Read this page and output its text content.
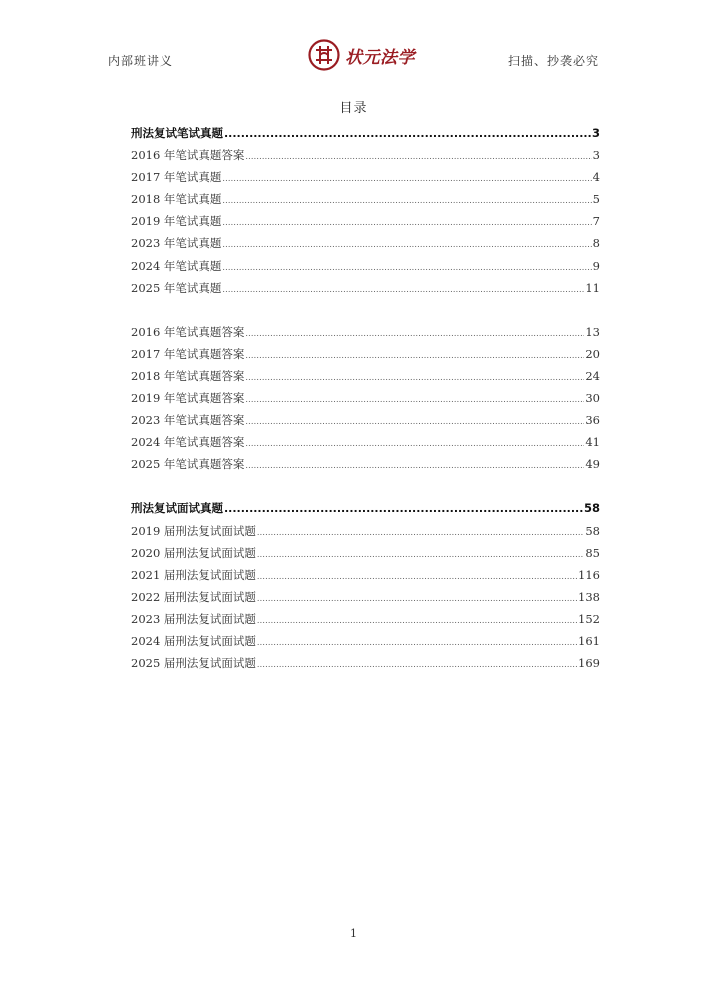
内部班讲义	状元法学	扫描、抄袭必究
目录
刑法复试笔试真题 .....	3
2016 年笔试真题答案 .....	3
2017 年笔试真题 .....	4
2018 年笔试真题 .....	5
2019 年笔试真题 .....	7
2023 年笔试真题 .....	8
2024 年笔试真题 .....	9
2025 年笔试真题 .....	11
2016 年笔试真题答案 .....	13
2017 年笔试真题答案 .....	20
2018 年笔试真题答案 .....	24
2019 年笔试真题答案 .....	30
2023 年笔试真题答案 .....	36
2024 年笔试真题答案 .....	41
2025 年笔试真题答案 .....	49
刑法复试面试真题 .....	58
2019 届刑法复试面试题 .....	58
2020 届刑法复试面试题 .....	85
2021 届刑法复试面试题 .....	116
2022 届刑法复试面试题 .....	138
2023 届刑法复试面试题 .....	152
2024 届刑法复试面试题 .....	161
2025 届刑法复试面试题 .....	169
1
